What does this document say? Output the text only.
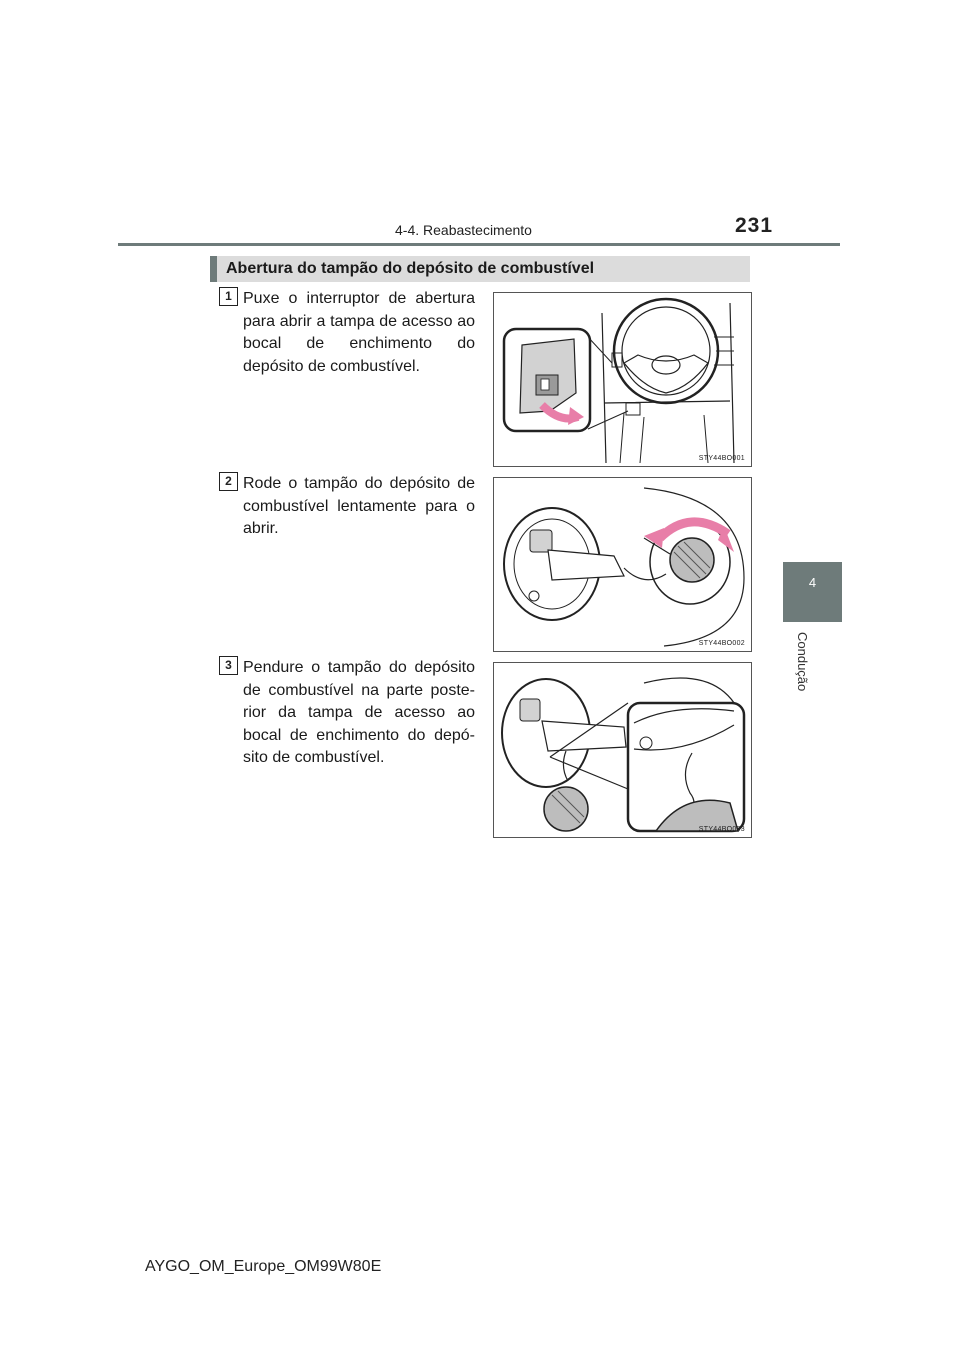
4-4. Reabastecimento	231
4
Condução
Abertura do tampão do depósito de combustível
1 Puxe o interruptor de abertura para abrir a tampa de acesso ao bocal de enchimento do depósito de combustível.
STY44BO001
2 Rode o tampão do depósito de combustível lentamente para o abrir.
STY44BO002
3 Pendure o tampão do depósito de combustível na parte poste-rior da tampa de acesso ao bocal de enchimento do depó-sito de combustível.
STY44BO003
AYGO_OM_Europe_OM99W80E
